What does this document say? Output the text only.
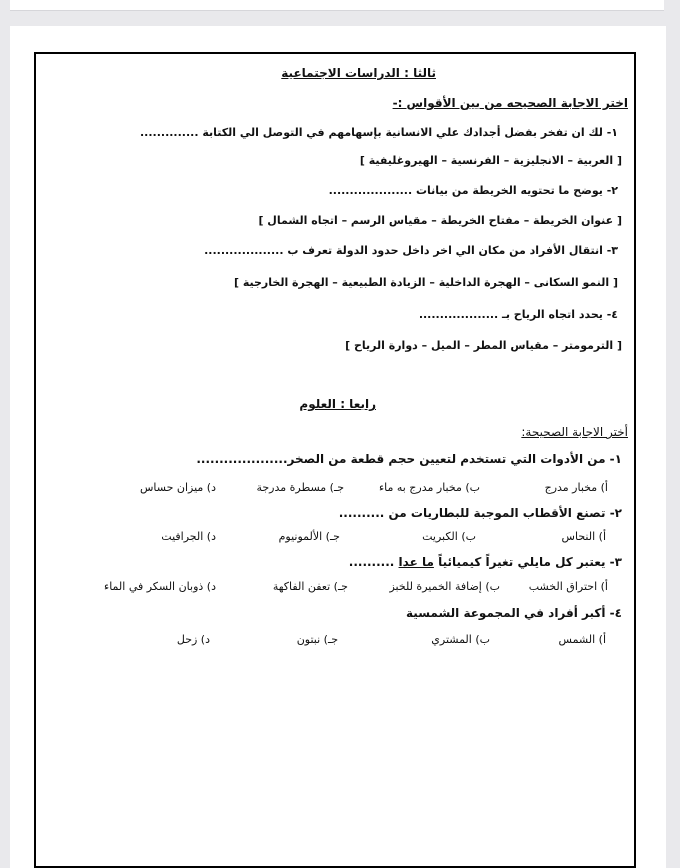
ثالثا : الدراسات الاجتماعية
اختر الاجابة الصحيحه من بين الأقواس :-
١- لك ان تفخر بفضل أجدادك علي الانسانية بإسهامهم في التوصل الي الكتابة ..............
[ العربية – الانجليزية – الفرنسية – الهيروغليفية ]
٢- يوضح ما تحتويه الخريطة من بيانات ....................
[ عنوان الخريطة – مفتاح الخريطة – مقياس الرسم – اتجاه الشمال ]
٣- انتقال الأفراد من مكان الي اخر داخل حدود الدولة تعرف ب ...................
[ النمو السكانى – الهجرة الداخلية – الزيادة الطبيعية – الهجرة الخارجية ]
٤- يحدد اتجاه الرياح بـ ...................
[ الترمومتر – مقياس المطر – الميل – دوارة الرياح ]
رابعا : العلوم
أختر الاجابة الصحيحة:
١- من الأدوات التي تستخدم لتعيين حجم قطعة من الصخر....................
أ) مخبار مدرج
ب) مخبار مدرج به ماء
جـ) مسطرة مدرجة
د) ميزان حساس
٢- تصنع الأقطاب الموجبة للبطاريات من ..........
أ) النحاس
ب) الكبريت
جـ) الألمونيوم
د) الجرافيت
٣- يعتبر كل مايلي تغيراً كيميائياً ما عدا ..........
أ) احتراق الخشب
ب) إضافة الخميرة للخبز
جـ) تعفن الفاكهة
د) ذوبان السكر في الماء
٤- أكبر أفراد في المجموعة الشمسية
أ) الشمس
ب) المشتري
جـ) نبتون
د) زحل
